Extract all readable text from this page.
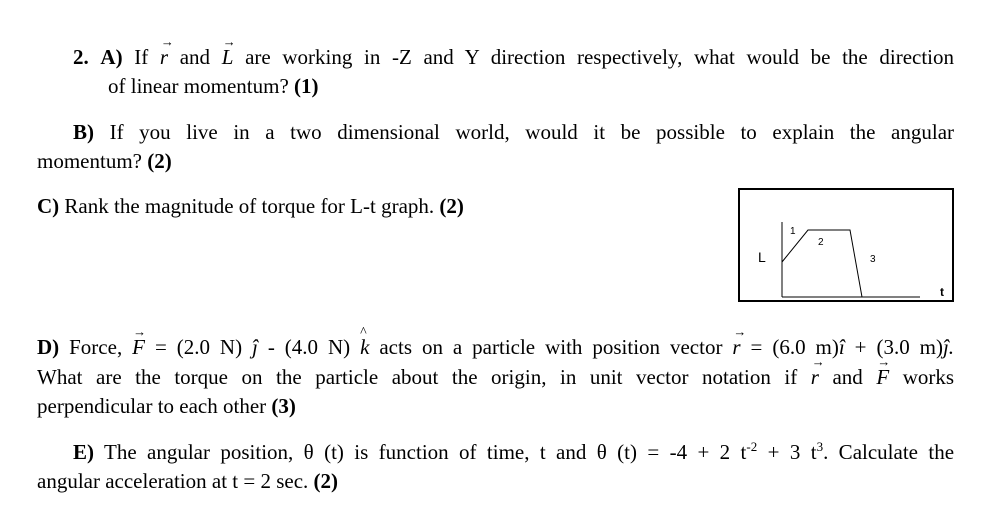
2. A) If r → and L → are working in -Z and Y direction respectively, what would be the direction
of linear momentum? (1)
B) If you live in a two dimensional world, would it be possible to explain the angular
momentum? (2)
C) Rank the magnitude of torque for L-t graph. (2)
L
t
1
2
3
D) Force, F → = (2.0 N) ĵ - (4.0 N) k ^ acts on a particle with position vector r → = (6.0 m)î + (3.0 m)ĵ.
What are the torque on the particle about the origin, in unit vector notation if r → and F → works
perpendicular to each other (3)
E) The angular position, θ (t) is function of time, t and θ (t) = -4 + 2 $t^{-2} + 3$ $t^3$. Calculate the
angular acceleration at t = 2 sec. (2)
